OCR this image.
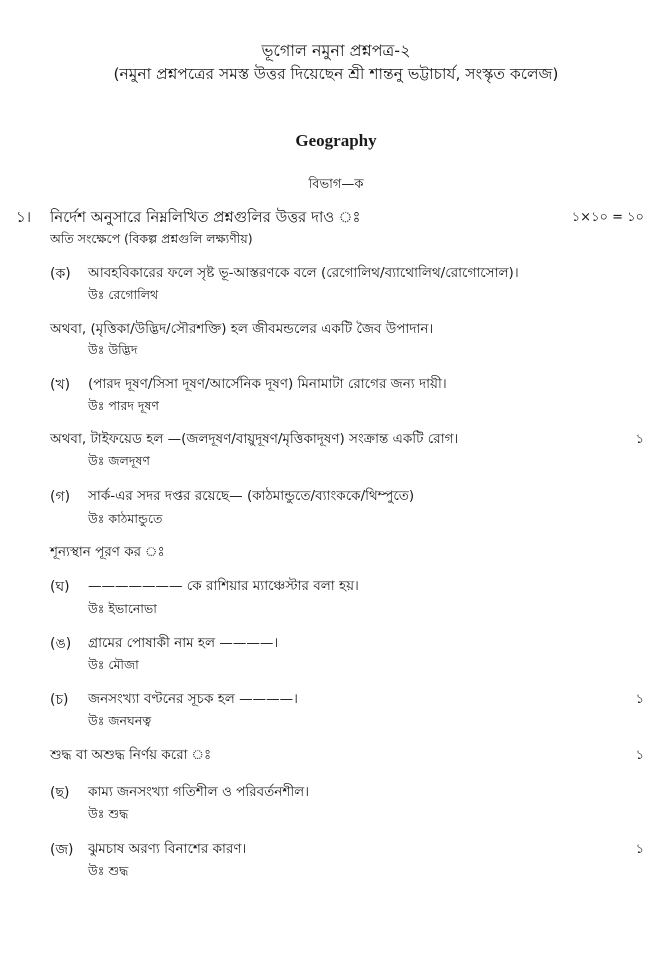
ভূগোল নমুনা প্রশ্নপত্র-২
(নমুনা প্রশ্নপত্রের সমস্ত উত্তর দিয়েছেন শ্রী শান্তনু ভট্টাচার্য, সংস্কৃত কলেজ)
Geography
বিভাগ—ক
১। নির্দেশ অনুসারে নিম্নলিখিত প্রশ্নগুলির উত্তর দাও ঃ	১×১০ = ১০
অতি সংক্ষেপে (বিকল্প প্রশ্নগুলি লক্ষ্যণীয়)
(ক) আবহবিকারের ফলে সৃষ্ট ভূ-আস্তরণকে বলে (রেগোলিথ/ব্যাথোলিথ/রোগোসোল)।
উঃ রেগোলিথ
অথবা, (মৃত্তিকা/উদ্ভিদ/সৌরশক্তি) হল জীবমন্ডলের একটি জৈব উপাদান।
উঃ উদ্ভিদ
(খ) (পারদ দূষণ/সিসা দূষণ/আর্সেনিক দূষণ) মিনামাটা রোগের জন্য দায়ী।
উঃ পারদ দূষণ
অথবা, টাইফয়েড হল —(জলদূষণ/বায়ুদূষণ/মৃত্তিকাদূষণ) সংক্রান্ত একটি রোগ।	১
উঃ জলদূষণ
(গ) সার্ক-এর সদর দপ্তর রয়েছে— (কাঠমান্ডুতে/ব্যাংককে/থিম্পুতে)
উঃ কাঠমান্ডুতে
শূন্যস্থান পূরণ কর ঃ
(ঘ) ——————— কে রাশিয়ার ম্যাঞ্চেস্টার বলা হয়।
উঃ ইভানোভা
(ঙ) গ্রামের পোষাকী নাম হল ————।
উঃ মৌজা
(চ) জনসংখ্যা বণ্টনের সূচক হল ————।	১
উঃ জনঘনত্ব
শুদ্ধ বা অশুদ্ধ নির্ণয় করো ঃ	১
(ছ) কাম্য জনসংখ্যা গতিশীল ও পরিবর্তনশীল।
উঃ শুদ্ধ
(জ) ঝুমচাষ অরণ্য বিনাশের কারণ।	১
উঃ শুদ্ধ
